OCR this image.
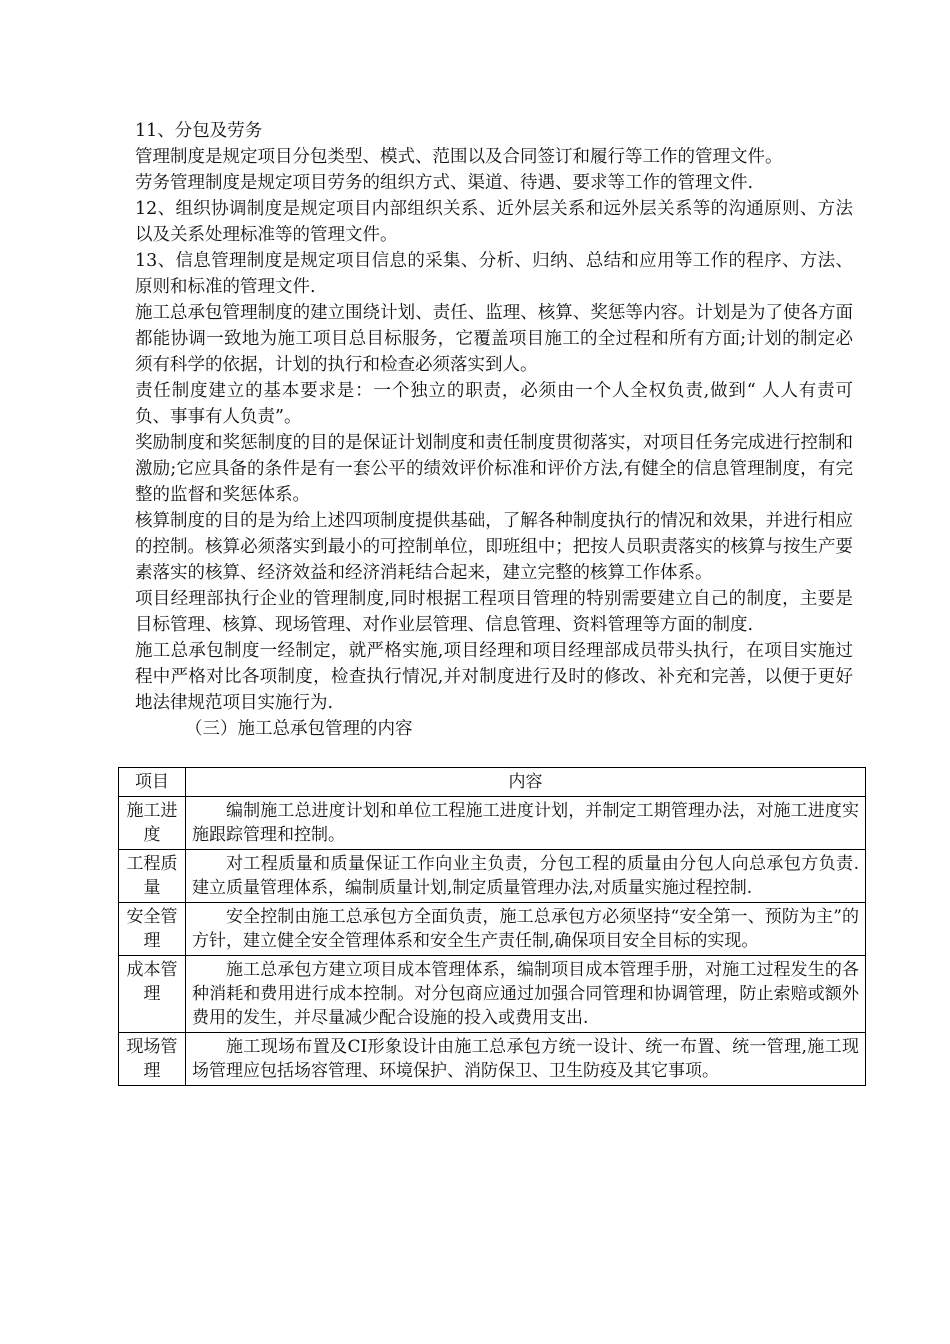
11、分包及劳务

管理制度是规定项目分包类型、模式、范围以及合同签订和履行等工作的管理文件。

劳务管理制度是规定项目劳务的组织方式、渠道、待遇、要求等工作的管理文件.

12、组织协调制度是规定项目内部组织关系、近外层关系和远外层关系等的沟通原则、方法以及关系处理标准等的管理文件。

13、信息管理制度是规定项目信息的采集、分析、归纳、总结和应用等工作的程序、方法、原则和标准的管理文件.

施工总承包管理制度的建立围绕计划、责任、监理、核算、奖惩等内容。计划是为了使各方面都能协调一致地为施工项目总目标服务，它覆盖项目施工的全过程和所有方面;计划的制定必须有科学的依据，计划的执行和检查必须落实到人。

责任制度建立的基本要求是：一个独立的职责，必须由一个人全权负责,做到“ 人人有责可负、事事有人负责”。

奖励制度和奖惩制度的目的是保证计划制度和责任制度贯彻落实，对项目任务完成进行控制和激励;它应具备的条件是有一套公平的绩效评价标准和评价方法,有健全的信息管理制度，有完整的监督和奖惩体系。

核算制度的目的是为给上述四项制度提供基础，了解各种制度执行的情况和效果，并进行相应的控制。核算必须落实到最小的可控制单位，即班组中；把按人员职责落实的核算与按生产要素落实的核算、经济效益和经济消耗结合起来，建立完整的核算工作体系。

项目经理部执行企业的管理制度,同时根据工程项目管理的特别需要建立自己的制度，主要是目标管理、核算、现场管理、对作业层管理、信息管理、资料管理等方面的制度.

施工总承包制度一经制定，就严格实施,项目经理和项目经理部成员带头执行，在项目实施过程中严格对比各项制度，检查执行情况,并对制度进行及时的修改、补充和完善，以便于更好地法律规范项目实施行为.

（三）施工总承包管理的内容

项目	内容
施工进度	编制施工总进度计划和单位工程施工进度计划，并制定工期管理办法，对施工进度实施跟踪管理和控制。
工程质量	对工程质量和质量保证工作向业主负责，分包工程的质量由分包人向总承包方负责.建立质量管理体系，编制质量计划,制定质量管理办法,对质量实施过程控制.
安全管理	安全控制由施工总承包方全面负责，施工总承包方必须坚持“安全第一、预防为主”的方针，建立健全安全管理体系和安全生产责任制,确保项目安全目标的实现。
成本管理	施工总承包方建立项目成本管理体系，编制项目成本管理手册，对施工过程发生的各种消耗和费用进行成本控制。对分包商应通过加强合同管理和协调管理，防止索赔或额外费用的发生，并尽量减少配合设施的投入或费用支出.
现场管理	施工现场布置及CI形象设计由施工总承包方统一设计、统一布置、统一管理,施工现场管理应包括场容管理、环境保护、消防保卫、卫生防疫及其它事项。
